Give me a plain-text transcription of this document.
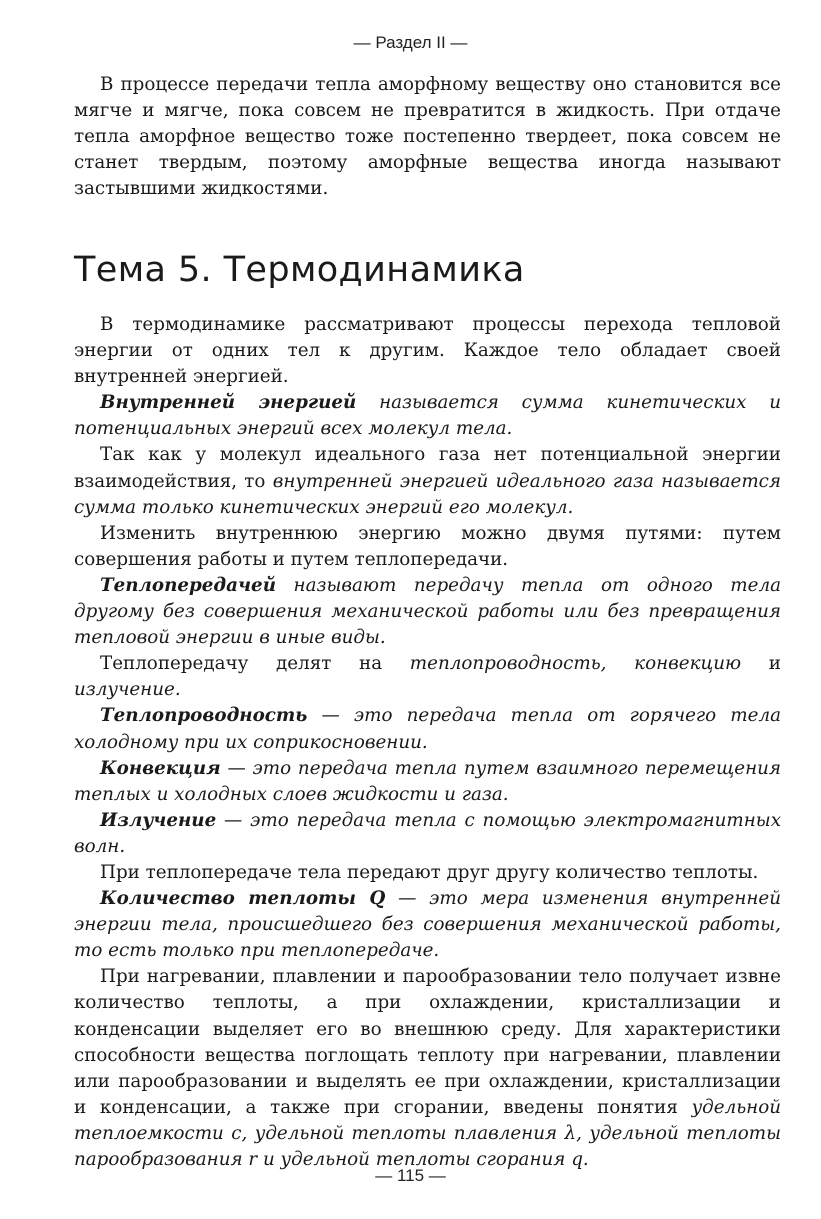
— Раздел II —

В процессе передачи тепла аморфному веществу оно становится все мягче и мягче, пока совсем не превратится в жидкость. При отдаче тепла аморфное вещество тоже постепенно твердеет, пока совсем не станет твердым, поэтому аморфные вещества иногда называют застывшими жидкостями.

Тема 5. Термодинамика

В термодинамике рассматривают процессы перехода тепловой энергии от одних тел к другим. Каждое тело обладает своей внутренней энергией.

Внутренней энергией называется сумма кинетических и потенциальных энергий всех молекул тела.

Так как у молекул идеального газа нет потенциальной энергии взаимодействия, то внутренней энергией идеального газа называется сумма только кинетических энергий его молекул.

Изменить внутреннюю энергию можно двумя путями: путем совершения работы и путем теплопередачи.

Теплопередачей называют передачу тепла от одного тела другому без совершения механической работы или без превращения тепловой энергии в иные виды.

Теплопередачу делят на теплопроводность, конвекцию и излучение.

Теплопроводность — это передача тепла от горячего тела холодному при их соприкосновении.

Конвекция — это передача тепла путем взаимного перемещения теплых и холодных слоев жидкости и газа.

Излучение — это передача тепла с помощью электромагнитных волн.

При теплопередаче тела передают друг другу количество теплоты.

Количество теплоты Q — это мера изменения внутренней энергии тела, происшедшего без совершения механической работы, то есть только при теплопередаче.

При нагревании, плавлении и парообразовании тело получает извне количество теплоты, а при охлаждении, кристаллизации и конденсации выделяет его во внешнюю среду. Для характеристики способности вещества поглощать теплоту при нагревании, плавлении или парообразовании и выделять ее при охлаждении, кристаллизации и конденсации, а также при сгорании, введены понятия удельной теплоемкости с, удельной теплоты плавления λ, удельной теплоты парообразования r и удельной теплоты сгорания q.

— 115 —
